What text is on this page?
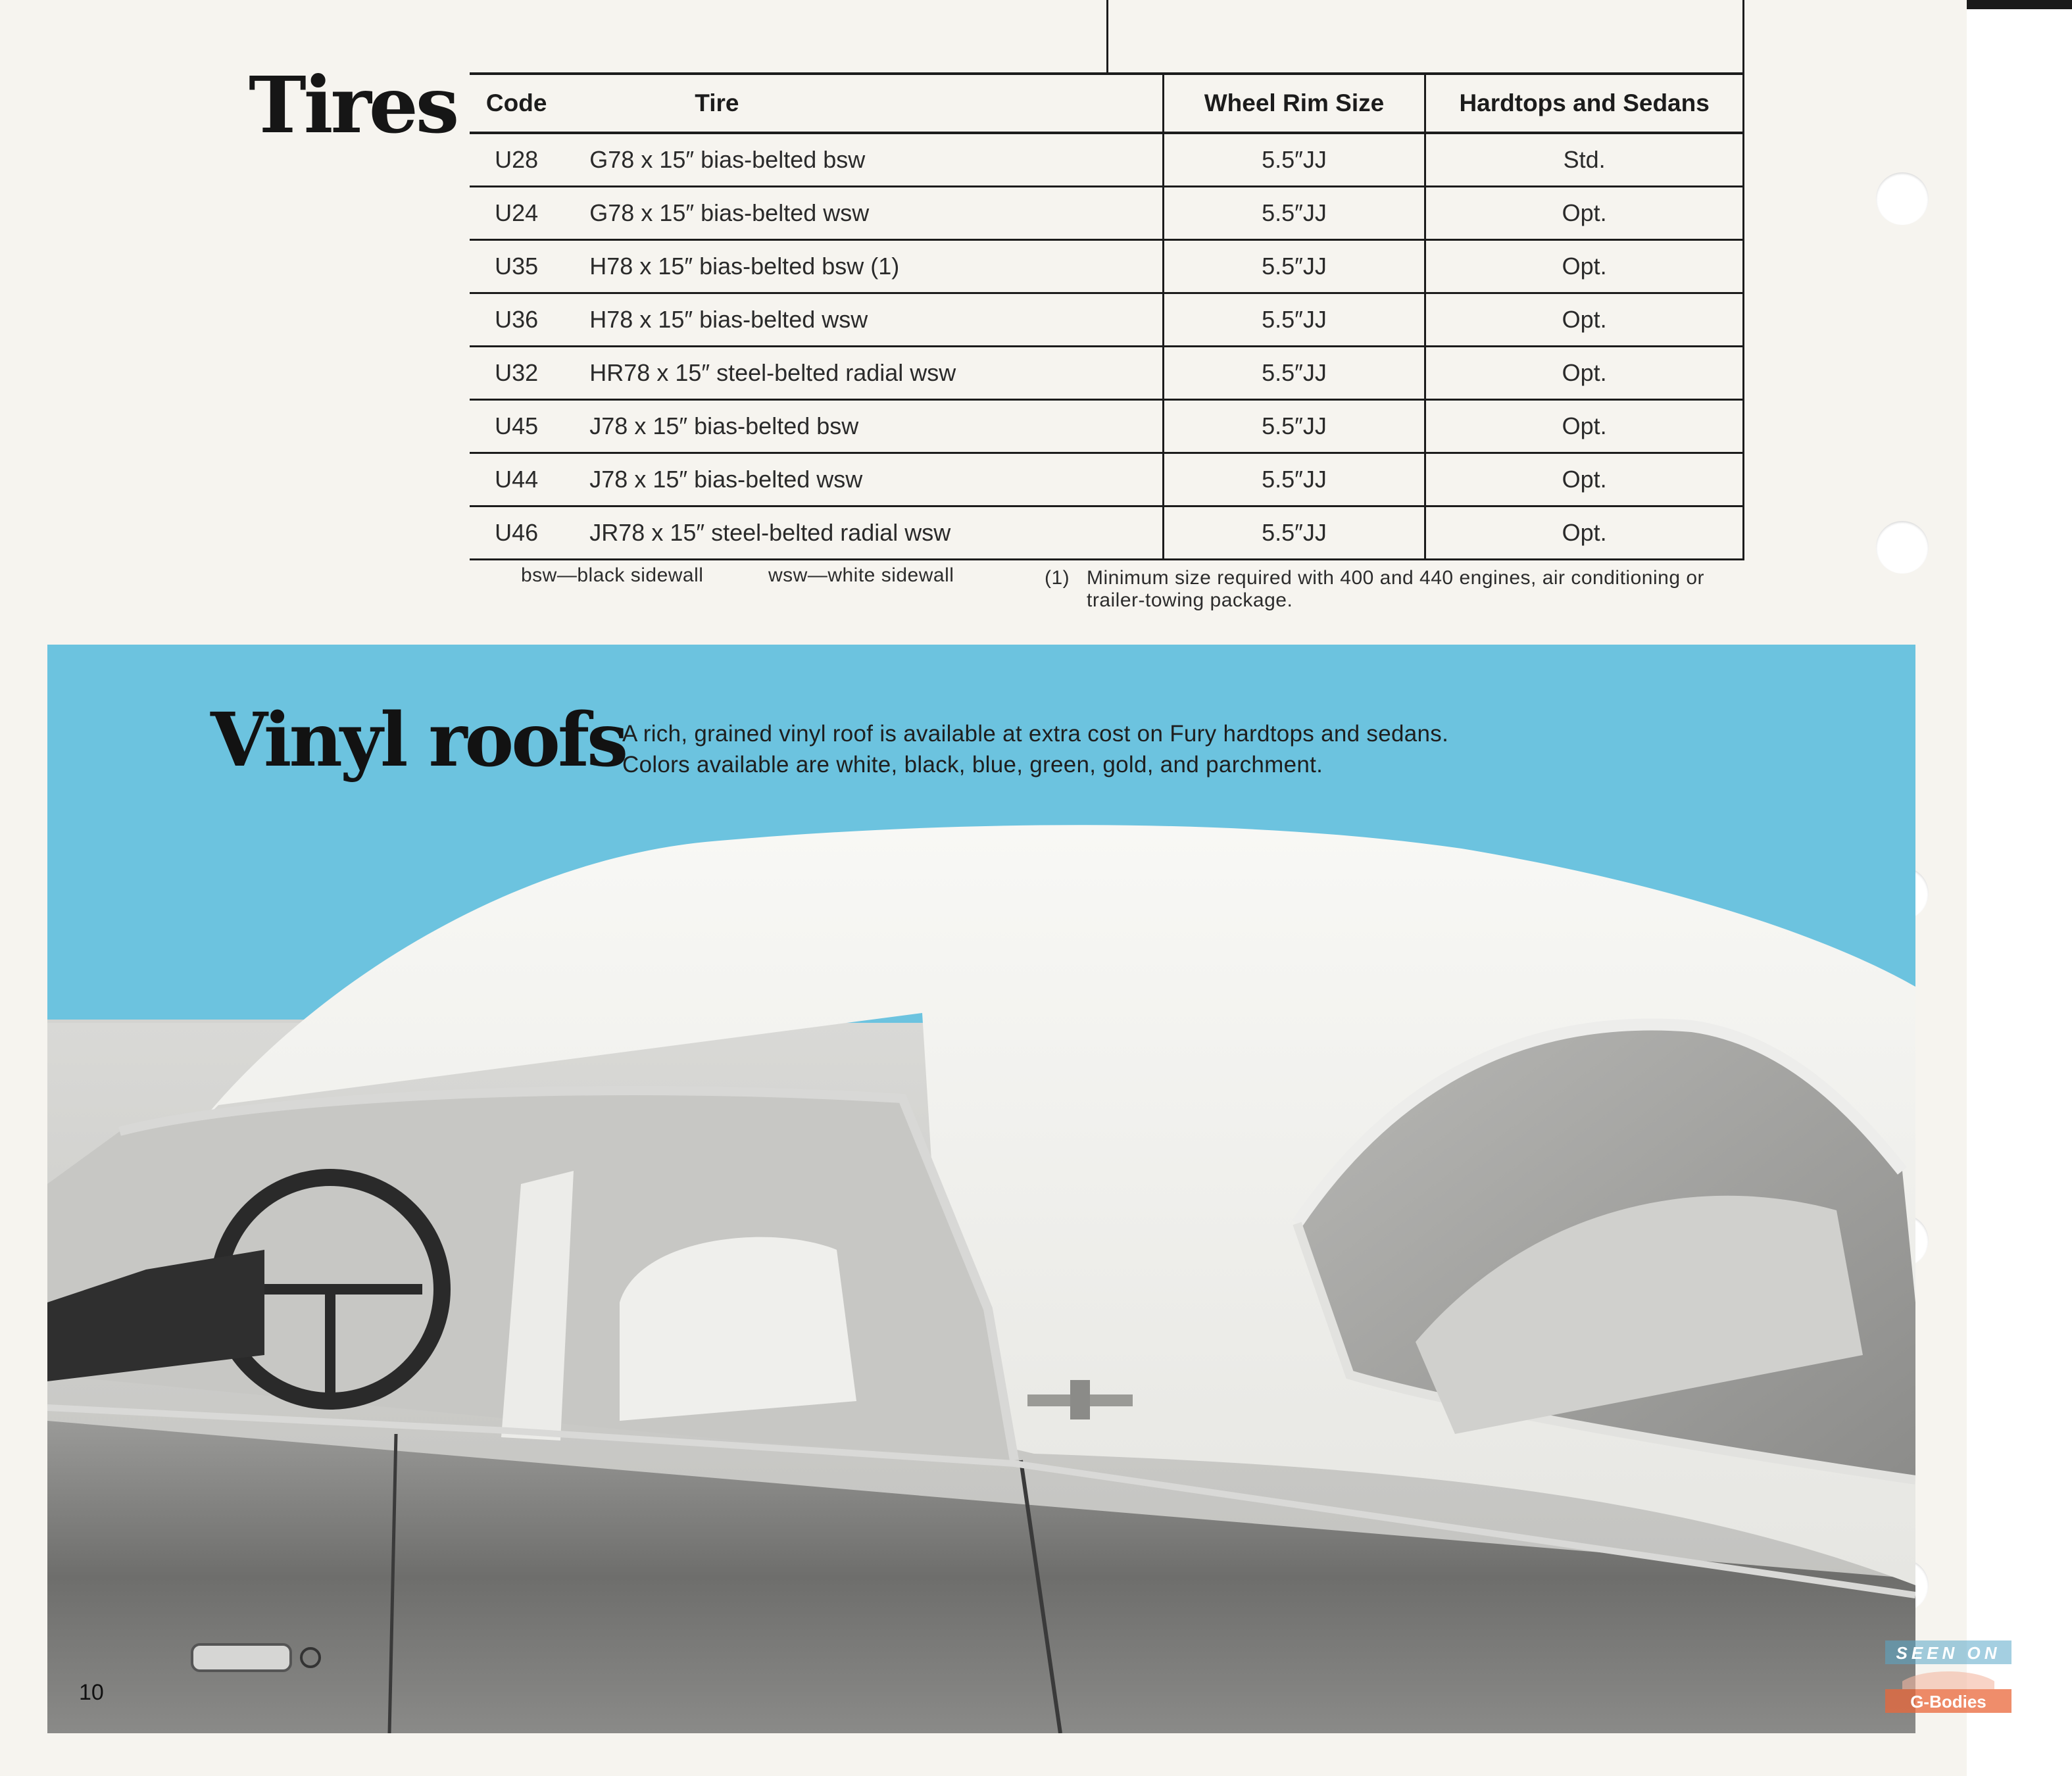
Tires Code	Tire	Wheel Rim Size	Hardtops and Sedans
U28	G78 x 15″ bias-belted bsw	5.5″JJ	Std.
U24	G78 x 15″ bias-belted wsw	5.5″JJ	Opt.
U35	H78 x 15″ bias-belted bsw (1)	5.5″JJ	Opt.
U36	H78 x 15″ bias-belted wsw	5.5″JJ	Opt.
U32	HR78 x 15″ steel-belted radial wsw	5.5″JJ	Opt.
U45	J78 x 15″ bias-belted bsw	5.5″JJ	Opt.
U44	J78 x 15″ bias-belted wsw	5.5″JJ	Opt.
U46	JR78 x 15″ steel-belted radial wsw	5.5″JJ	Opt.
bsw—black sidewall	wsw—white sidewall	(1) Minimum size required with 400 and 440 engines, air conditioning or trailer-towing package.
Vinyl roofs
A rich, grained vinyl roof is available at extra cost on Fury hardtops and sedans.
Colors available are white, black, blue, green, gold, and parchment.
10
SEEN ON
G-Bodies
